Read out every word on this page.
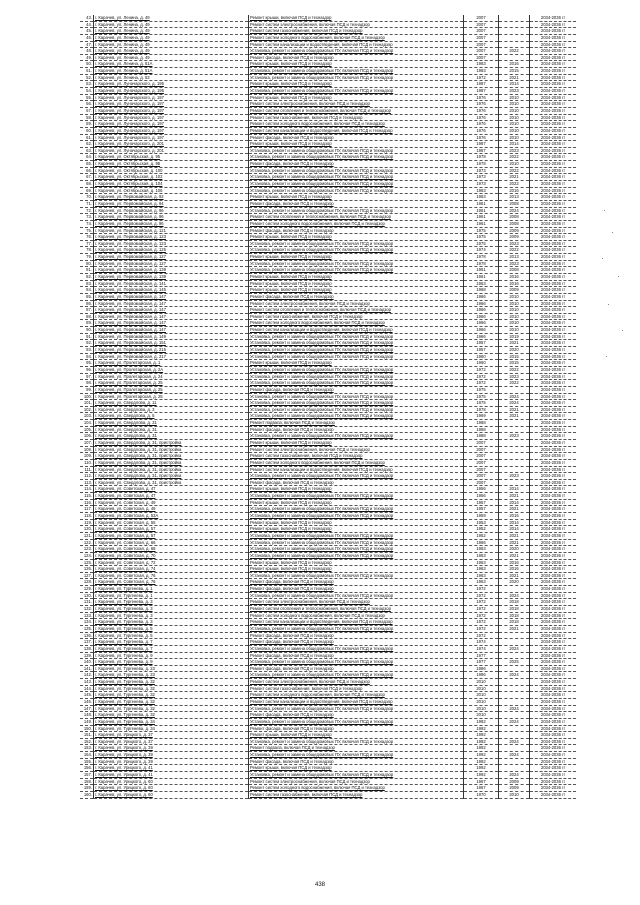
43.	г. Карачев, ул. Ленина, д. 49	Ремонт крыши, включая ПСД и техназдор	2007		2034-2036 гг
44.	г. Карачев, ул. Ленина, д. 49	Ремонт систем электроснабжения, включая ПСД и технадзор	2007		2034-2036 гг
45.	г. Карачев, ул. Ленина, д. 49	Ремонт систем газоснабжения, включая ПСД и технадзор	2007		2034-2036 гг
46.	г. Карачев, ул. Ленина, д. 49	Ремонт систем холодного водоснабжения, включая ПСД и технадзор	2007		2034-2036 гг
47.	г. Карачев, ул. Ленина, д. 49	Ремонт систем канализации и водоотведения, включая ПСД и технадзор	2007		2034-2036 гг
48.	г. Карачев, ул. Ленина, д. 49	Установка, ремонт и замена общедомовых ПУ, включая ПСД и технадзор	2007	2022	2034-2036 гг
49.	г. Карачев, ул. Ленина, д. 49	Ремонт фасада, включая ПСД и технадзор	2007		2034-2036 гг
50.	г. Карачев, ул. Ленина, д. 51А	Ремонт крыши, включая ПСД и технадзор	1983	2016	2034-2036 гг
51.	г. Карачев, ул. Ленина, д. 51А	Установка, ремонт и замена общедомовых ПУ, включая ПСД и технадзор	1983	2015	2034-2036 гг
52.	г. Карачев, ул. Ленина, д. 53	Установка, ремонт и замена общедомовых ПУ, включая ПСД и технадзор	1972	2021	2034-2036 гг
53.	г. Карачев, ул. Луначарского, д. 195	Ремонт крыши, включая ПСД и технадзор	1987	2014	2034-2036 гг
54.	г. Карачев, ул. Луначарского, д. 195	Установка, ремонт и замена общедомовых ПУ, включая ПСД и технадзор	1987	2023	2034-2036 гг
55.	г. Карачев, ул. Луначарского, д. 197	Ремонт крыши, включая ПСД и технадзор	1976	2010	2034-2036 гг
56.	г. Карачев, ул. Луначарского, д. 197	Ремонт систем электроснабжения, включая ПСД и технадзор	1976	2010	2034-2036 гг
57.	г. Карачев, ул. Луначарского, д. 197	Ремонт систем отопления и теплоснабжения, включая ПСД и технадзор	1976	2010	2034-2036 гг
58.	г. Карачев, ул. Луначарского, д. 197	Ремонт систем газоснабжения, включая ПСД и технадзор	1976	2010	2034-2036 гг
59.	г. Карачев, ул. Луначарского, д. 197	Ремонт систем холодного водоснабжения, включая ПСД и технадзор	1976	2010	2034-2036 гг
60.	г. Карачев, ул. Луначарского, д. 197	Ремонт систем канализации и водоотведения, включая ПСД и технадзор	1976	2010	2034-2036 гг
61.	г. Карачев, ул. Луначарского, д. 197	Ремонт фасада, включая ПСД и технадзор	1976	2010	2034-2036 гг
62.	г. Карачев, ул. Луначарского, д. 201	Ремонт крыши, включая ПСД и технадзор	1987	2014	2034-2036 гг
63.	г. Карачев, ул. Луначарского, д. 201	Установка, ремонт и замена общедомовых ПУ, включая ПСД и технадзор	1987	2023	2034-2036 гг
64.	г. Карачев, ул. Октябрьская, д. 95	Установка, ремонт и замена общедомовых ПУ, включая ПСД и технадзор	1978	2022	2034-2036 гг
65.	г. Карачев, ул. Октябрьская, д. 95	Ремонт фасада, включая ПСД и технадзор	1978	2010	2034-2036 гг
66.	г. Карачев, ул. Октябрьская, д. 100	Установка, ремонт и замена общедомовых ПУ, включая ПСД и технадзор	1973	2022	2034-2036 гг
67.	г. Карачев, ул. Октябрьская, д. 102	Установка, ремонт и замена общедомовых ПУ, включая ПСД и технадзор	1973	2021	2034-2036 гг
68.	г. Карачев, ул. Октябрьская, д. 104	Установка, ремонт и замена общедомовых ПУ, включая ПСД и технадзор	1973	2022	2034-2036 гг
69.	г. Карачев, ул. Октябрьская, д. 106	Установка, ремонт и замена общедомовых ПУ, включая ПСД и технадзор	1983	2016	2034-2036 гг
70.	г. Карачев, ул. Первомайская, д. 92	Ремонт крыши, включая ПСД и технадзор	1963	2013	2034-2036 гг
71.	г. Карачев, ул. Первомайская, д. 94	Ремонт фасада, включая ПСД и технадзор	1961	2008	2034-2036 гг
72.	г. Карачев, ул. Первомайская, д. 96	Установка, ремонт и замена общедомовых ПУ, включая ПСД и технадзор	1961	2024	2034-2036 гг
73.	г. Карачев, ул. Первомайская, д. 96	Ремонт систем отопления и теплоснабжения, включая ПСД и технадзор	1961	2008	2034-2036 гг
74.	г. Карачев, ул. Первомайская, д. 96	Ремонт систем холодного водоснабжения, включая ПСД и технадзор	1961	2008	2034-2036 гг
75.	г. Карачев, ул. Первомайская, д. 121	Ремонт фасада, включая ПСД и технадзор	1975	2009	2034-2036 гг
76.	г. Карачев, ул. Первомайская, д. 123	Ремонт крыши, включая ПСД и технадзор	1975	2009	2034-2036 гг
77.	г. Карачев, ул. Первомайская, д. 123	Установка, ремонт и замена общедомовых ПУ, включая ПСД и технадзор	1975	2023	2034-2036 гг
78.	г. Карачев, ул. Первомайская, д. 125	Установка, ремонт и замена общедомовых ПУ, включая ПСД и технадзор	1974	2022	2034-2036 гг
79.	г. Карачев, ул. Первомайская, д. 127	Ремонт крыши, включая ПСД и технадзор	1978	2013	2034-2036 гг
80.	г. Карачев, ул. Первомайская, д. 127	Установка, ремонт и замена общедомовых ПУ, включая ПСД и технадзор	1978	2023	2034-2036 гг
81.	г. Карачев, ул. Первомайская, д. 139	Установка, ремонт и замена общедомовых ПУ, включая ПСД и технадзор	1961	2008	2034-2036 гг
82.	г. Карачев, ул. Первомайская, д. 139	Ремонт крыши, включая ПСД и технадзор	1961	2016	2034-2036 гг
83.	г. Карачев, ул. Первомайская, д. 141	Ремонт крыши, включая ПСД и технадзор	1963	2016	2034-2036 гг
84.	г. Карачев, ул. Первомайская, д. 145	Ремонт крыши, включая ПСД и технадзор	1968	2009	2034-2036 гг
85.	г. Карачев, ул. Первомайская, д. 147	Ремонт фасада, включая ПСД и технадзор	1966	2010	2034-2036 гг
86.	г. Карачев, ул. Первомайская, д. 147	Ремонт систем электроснабжения, включая ПСД и технадзор	1966	2010	2034-2036 гг
87.	г. Карачев, ул. Первомайская, д. 147	Ремонт систем отопления и теплоснабжения, включая ПСД и технадзор	1966	2010	2034-2036 гг
88.	г. Карачев, ул. Первомайская, д. 147	Ремонт систем газоснабжения, включая ПСД и технадзор	1966	2010	2034-2036 гг
89.	г. Карачев, ул. Первомайская, д. 147	Ремонт систем холодного водоснабжения, включая ПСД и технадзор	1966	2010	2034-2036 гг
90.	г. Карачев, ул. Первомайская, д. 147	Ремонт систем канализации и водоотведения, включая ПСД и технадзор	1966	2010	2034-2036 гг
91.	г. Карачев, ул. Первомайская, д. 149	Установка, ремонт и замена общедомовых ПУ, включая ПСД и технадзор	1966	2019	2034-2036 гг
92.	г. Карачев, ул. Первомайская, д. 151	Установка, ремонт и замена общедомовых ПУ, включая ПСД и технадзор	1957	2021	2034-2036 гг
93.	г. Карачев, ул. Первомайская, д. 215	Установка, ремонт и замена общедомовых ПУ, включая ПСД и технадзор	1957	2020	2034-2036 гг
94.	г. Карачев, ул. Первомайская, д. 217	Установка, ремонт и замена общедомовых ПУ, включая ПСД и технадзор	1960	2015	2034-2036 гг
95.	г. Карачев, ул. Пролетарская, д. 1	Ремонт крыши, включая ПСД и технадзор	1960	2015	2034-2036 гг
96.	г. Карачев, ул. Пролетарская, д. 2А	Установка, ремонт и замена общедомовых ПУ, включая ПСД и технадзор	1972	2022	2034-2036 гг
97.	г. Карачев, ул. Пролетарская, д. 24	Установка, ремонт и замена общедомовых ПУ, включая ПСД и технадзор	1972	2023	2034-2036 гг
98.	г. Карачев, ул. Пролетарская, д. 25	Установка, ремонт и замена общедомовых ПУ, включая ПСД и технадзор	1972	2022	2034-2036 гг
99.	г. Карачев, ул. Пролетарская, д. 25	Ремонт фасада, включая ПСД и технадзор	1975		2034-2036 гг
100.	г. Карачев, ул. Пролетарская, д. 25	Установка, ремонт и замена общедомовых ПУ, включая ПСД и технадзор	1975	2024	2034-2036 гг
101.	г. Карачев, ул. Свердлова, д. 11	Установка, ремонт и замена общедомовых ПУ, включая ПСД и технадзор	1975	2024	2034-2036 гг
102.	г. Карачев, ул. Свердлова, д. 3	Установка, ремонт и замена общедомовых ПУ, включая ПСД и технадзор	1978	2021	2034-2036 гг
103.	г. Карачев, ул. Свердлова, д. 5	Установка, ремонт и замена общедомовых ПУ, включая ПСД и технадзор	1969	2021	2034-2036 гг
104.	г. Карачев, ул. Свердлова, д. 31	Ремонт подвала, включая ПСД и технадзор	1988		2034-2036 гг
105.	г. Карачев, ул. Свердлова, д. 31	Ремонт фасада, включая ПСД и технадзор	1988		2034-2036 гг
106.	г. Карачев, ул. Свердлова, д. 31	Установка, ремонт и замена общедомовых ПУ, включая ПСД и технадзор	1988	2023	2034-2036 гг
107.	г. Карачев, ул. Свердлова, д. 31, пристройка	Ремонт крыши, включая ПСД и технадзор	2007		2034-2036 гг
108.	г. Карачев, ул. Свердлова, д. 31, пристройка	Ремонт систем электроснабжения, включая ПСД и технадзор	2007		2034-2036 гг
109.	г. Карачев, ул. Свердлова, д. 31, пристройка	Ремонт систем газоснабжения, включая ПСД и технадзор	2007		2034-2036 гг
110.	г. Карачев, ул. Свердлова, д. 31, пристройка	Ремонт систем холодного водоснабжения, включая ПСД и технадзор	2007		2034-2036 гг
111.	г. Карачев, ул. Свердлова, д. 31, пристройка	Ремонт систем канализации и водоотведения, включая ПСД и технадзор	2007		2034-2036 гг
112.	г. Карачев, ул. Свердлова, д. 31, пристройка	Установка, ремонт и замена общедомовых ПУ, включая ПСД и технадзор	2007	2023	2034-2036 гг
113.	г. Карачев, ул. Свердлова, д. 31, пристройка	Ремонт фасада, включая ПСД и технадзор	2007		2034-2036 гг
114.	г. Карачев, ул. Советская, д. 47	Ремонт крыши, включая ПСД и технадзор	1956	2014	2034-2036 гг
115.	г. Карачев, ул. Советская, д. 47	Установка, ремонт и замена общедомовых ПУ, включая ПСД и технадзор	1956	2021	2034-2036 гг
116.	г. Карачев, ул. Советская, д. 49	Ремонт крыши, включая ПСД и технадзор	1957	2014	2034-2036 гг
117.	г. Карачев, ул. Советская, д. 49	Установка, ремонт и замена общедомовых ПУ, включая ПСД и технадзор	1957	2021	2034-2036 гг
118.	г. Карачев, ул. Советская, д. 53А	Установка, ремонт и замена общедомовых ПУ, включая ПСД и технадзор	1959	2016	2034-2036 гг
119.	г. Карачев, ул. Советская, д. 55	Ремонт крыши, включая ПСД и технадзор	1953	2014	2034-2036 гг
120.	г. Карачев, ул. Советская, д. 57	Ремонт крыши, включая ПСД и технадзор	1952	2014	2034-2036 гг
121.	г. Карачев, ул. Советская, д. 57	Установка, ремонт и замена общедомовых ПУ, включая ПСД и технадзор	1952	2021	2034-2036 гг
122.	г. Карачев, ул. Советская, д. 66	Установка, ремонт и замена общедомовых ПУ, включая ПСД и технадзор	1966	2021	2034-2036 гг
123.	г. Карачев, ул. Советская, д. 68	Установка, ремонт и замена общедомовых ПУ, включая ПСД и технадзор	1963	2020	2034-2036 гг
124.	г. Карачев, ул. Советская, д. 70	Установка, ремонт и замена общедомовых ПУ, включая ПСД и технадзор	1963	2021	2034-2036 гг
125.	г. Карачев, ул. Советская, д. 72	Ремонт крыши, включая ПСД и технадзор	1963	2016	2034-2036 гг
126.	г. Карачев, ул. Советская, д. 74	Ремонт крыши, включая ПСД и технадзор	1963	2016	2034-2036 гг
127.	г. Карачев, ул. Советская, д. 76	Установка, ремонт и замена общедомовых ПУ, включая ПСД и технадзор	1963	2021	2034-2036 гг
128.	г. Карачев, ул. Советская, д. 76	Ремонт фасада, включая ПСД и технадзор	1963	2020	2034-2036 гг
129.	г. Карачев, ул. Тургенева, д. 1	Ремонт фасада, включая ПСД и технадзор	1972		2034-2036 гг
130.	г. Карачев, ул. Тургенева, д. 1	Установка, ремонт и замена общедомовых ПУ, включая ПСД и технадзор	1972	2024	2034-2036 гг
131.	г. Карачев, ул. Тургенева, д. 3	Ремонт систем электроснабжения, включая ПСД и технадзор	1972	2018	2034-2036 гг
132.	г. Карачев, ул. Тургенева, д. 3	Ремонт систем отопления и теплоснабжения, включая ПСД и технадзор	1972	2018	2034-2036 гг
133.	г. Карачев, ул. Тургенева, д. 3	Ремонт систем холодного водоснабжения, включая ПСД и технадзор	1972	2018	2034-2036 гг
134.	г. Карачев, ул. Тургенева, д. 3	Ремонт систем канализации и водоотведения, включая ПСД и технадзор	1972	2018	2034-2036 гг
135.	г. Карачев, ул. Тургенева, д. 5	Установка, ремонт и замена общедомовых ПУ, включая ПСД и технадзор	1972	2021	2034-2036 гг
136.	г. Карачев, ул. Тургенева, д. 5	Ремонт фасада, включая ПСД и технадзор	1972		2034-2036 гг
137.	г. Карачев, ул. Тургенева, д. 7	Ремонт фасада, включая ПСД и технадзор	1974		2034-2036 гг
138.	г. Карачев, ул. Тургенева, д. 7	Установка, ремонт и замена общедомовых ПУ, включая ПСД и технадзор	1974	2024	2034-2036 гг
139.	г. Карачев, ул. Тургенева, д. 9	Ремонт фасада, включая ПСД и технадзор	1977		2034-2036 гг
140.	г. Карачев, ул. Тургенева, д. 9	Установка, ремонт и замена общедомовых ПУ, включая ПСД и технадзор	1977	2025	2034-2036 гг
141.	г. Карачев, ул. Тургенева, д. 23	Ремонт фасада, включая ПСД и технадзор	1986		2034-2036 гг
142.	г. Карачев, ул. Тургенева, д. 23	Установка, ремонт и замена общедомовых ПУ, включая ПСД и технадзор	1986	2024	2034-2036 гг
143.	г. Карачев, ул. Тургенева, д. 32	Ремонт систем электроснабжения, включая ПСД и технадзор	2010		2034-2036 гг
144.	г. Карачев, ул. Тургенева, д. 32	Ремонт систем газоснабжения, включая ПСД и технадзор	2010		2034-2036 гг
145.	г. Карачев, ул. Тургенева, д. 32	Ремонт систем холодного водоснабжения, включая ПСД и технадзор	2010		2034-2036 гг
146.	г. Карачев, ул. Тургенева, д. 32	Ремонт систем канализации и водоотведения, включая ПСД и технадзор	2010		2034-2036 гг
147.	г. Карачев, ул. Тургенева, д. 32	Установка, ремонт и замена общедомовых ПУ, включая ПСД и технадзор	2010	2024	2034-2036 гг
148.	г. Карачев, ул. Тургенева, д. 32	Ремонт фасада, включая ПСД и технадзор	2010		2034-2036 гг
149.	г. Карачев, ул. Тургенева, д. 34	Установка, ремонт и замена общедомовых ПУ, включая ПСД и технадзор	1992	2024	2034-2036 гг
150.	г. Карачев, ул. Тургенева, д. 34	Ремонт фасада, включая ПСД и технадзор	1992		2034-2036 гг
151.	г. Карачев, ул. Урицкого, д. 37	Ремонт крыши, включая ПСД и технадзор	1992		2034-2036 гг
152.	г. Карачев, ул. Урицкого, д. 37	Установка, ремонт и замена общедомовых ПУ, включая ПСД и технадзор	1992	2024	2034-2036 гг
153.	г. Карачев, ул. Урицкого, д. 39	Ремонт подвала, включая ПСД и технадзор	1992		2034-2036 гг
154.	г. Карачев, ул. Урицкого, д. 39	Установка, ремонт и замена общедомовых ПУ, включая ПСД и технадзор	1992	2024	2034-2036 гг
155.	г. Карачев, ул. Урицкого, д. 39	Ремонт фасада, включая ПСД и технадзор	1992		2034-2036 гг
156.	г. Карачев, ул. Урицкого, д. 41	Ремонт крыши, включая ПСД и технадзор	1992		2034-2036 гг
157.	г. Карачев, ул. Урицкого, д. 41	Установка, ремонт и замена общедомовых ПУ, включая ПСД и технадзор	1992	2024	2034-2036 гг
158.	г. Карачев, ул. Урицкого, д. 60	Ремонт систем электроснабжения, включая ПСД и технадзор	1967	2009	2034-2036 гг
159.	г. Карачев, ул. Урицкого, д. 60	Ремонт систем холодного водоснабжения, включая ПСД и технадзор	1967	2009	2034-2036 гг
160.	г. Карачев, ул. Урицкого, д. 60	Ремонт систем газоснабжения, включая ПСД и технадзор	1970	2010	2034-2036 гг
438
